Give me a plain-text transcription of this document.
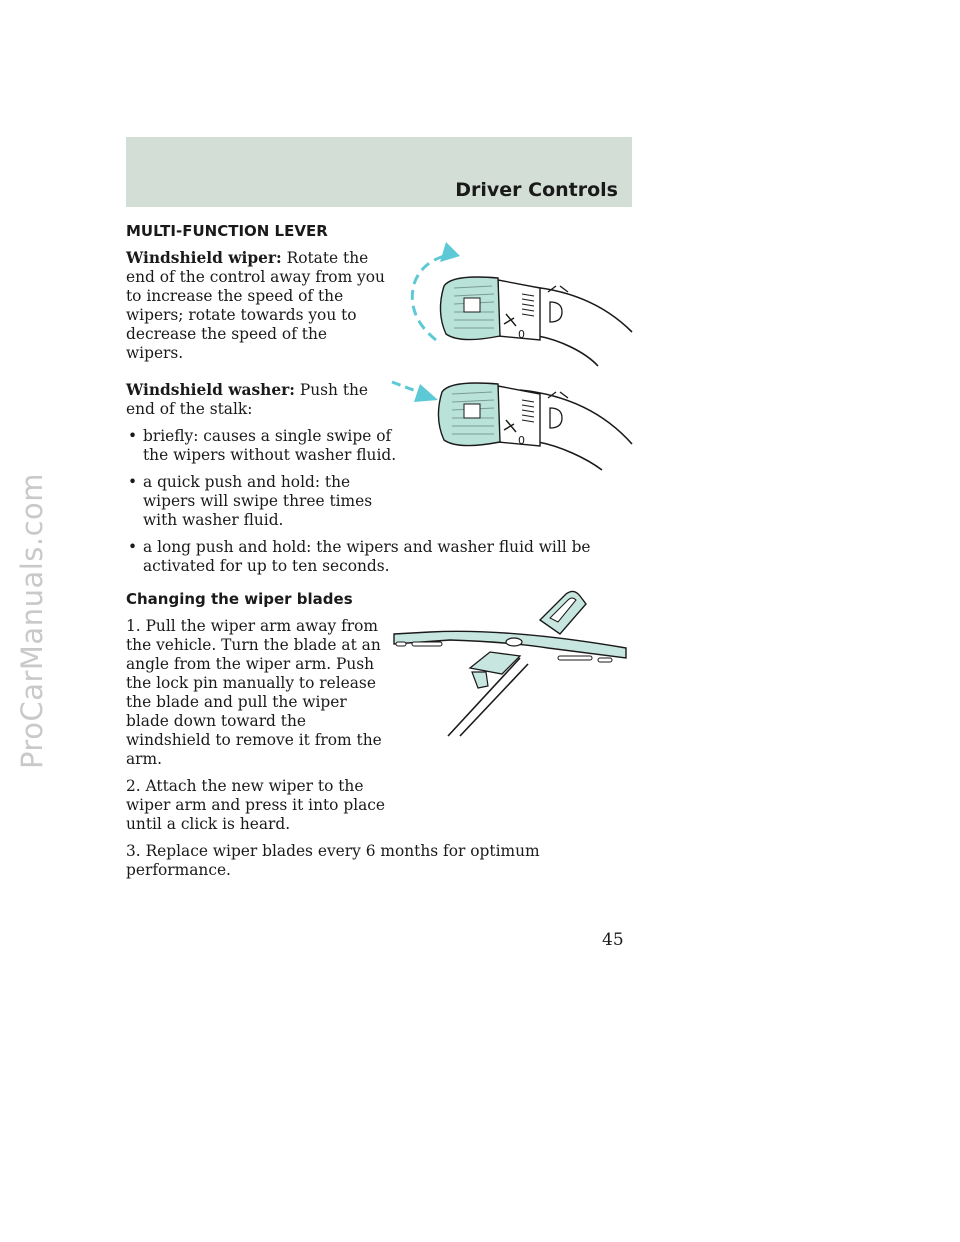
ProCarManuals.com
Driver Controls
MULTI-FUNCTION LEVER

Windshield wiper: Rotate the end of the control away from you to increase the speed of the wipers; rotate towards you to decrease the speed of the wipers.

Windshield washer: Push the end of the stalk:

• briefly: causes a single swipe of the wipers without washer fluid.
• a quick push and hold: the wipers will swipe three times with washer fluid.
• a long push and hold: the wipers and washer fluid will be activated for up to ten seconds.
Changing the wiper blades

1. Pull the wiper arm away from the vehicle. Turn the blade at an angle from the wiper arm. Push the lock pin manually to release the blade and pull the wiper blade down toward the windshield to remove it from the arm.

2. Attach the new wiper to the wiper arm and press it into place until a click is heard.

3. Replace wiper blades every 6 months for optimum performance.

0
0
45
